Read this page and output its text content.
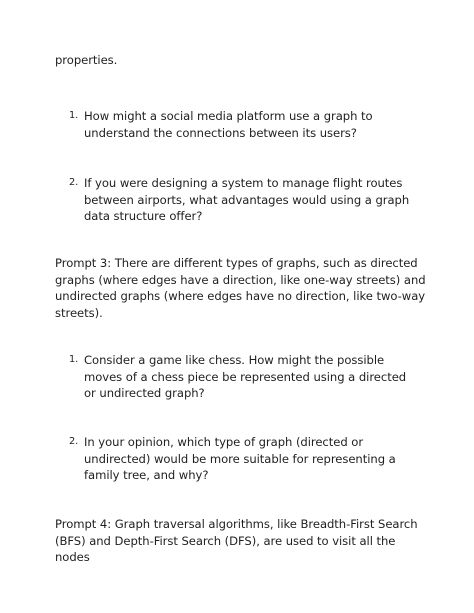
properties.

1. How might a social media platform use a graph to understand the connections between its users?
2. If you were designing a system to manage flight routes between airports, what advantages would using a graph data structure offer?

Prompt 3: There are different types of graphs, such as directed graphs (where edges have a direction, like one-way streets) and undirected graphs (where edges have no direction, like two-way streets).

1. Consider a game like chess. How might the possible moves of a chess piece be represented using a directed or undirected graph?
2. In your opinion, which type of graph (directed or undirected) would be more suitable for representing a family tree, and why?

Prompt 4: Graph traversal algorithms, like Breadth-First Search (BFS) and Depth-First Search (DFS), are used to visit all the nodes
